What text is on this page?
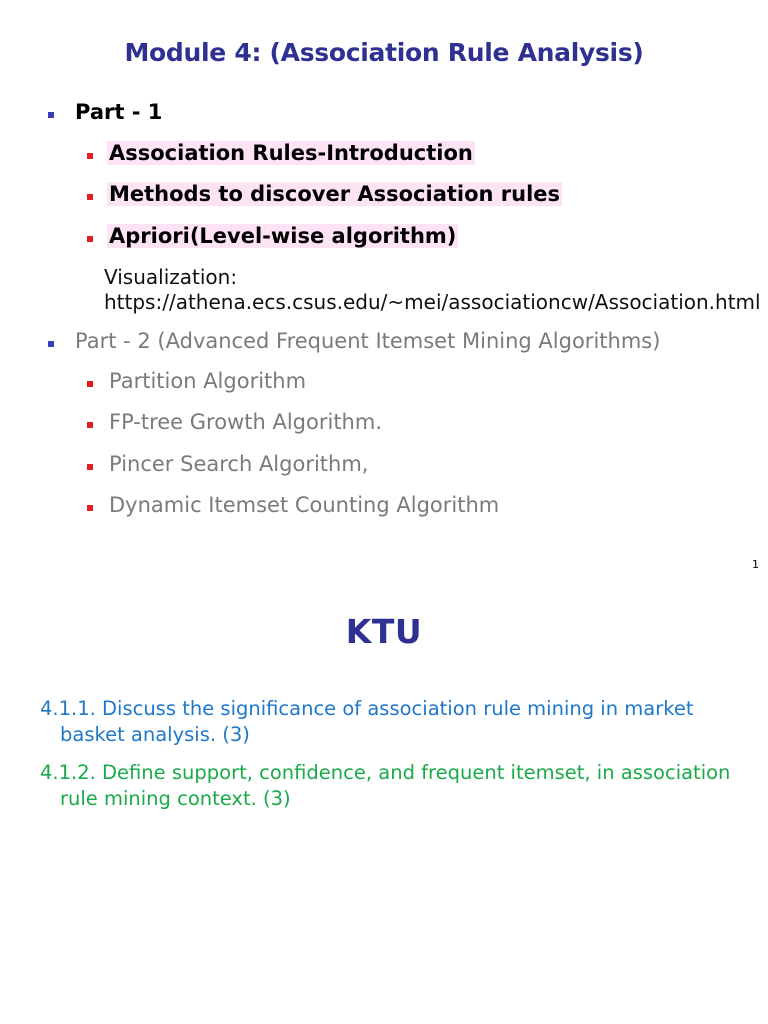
Module 4: (Association Rule Analysis)
Part - 1
Association Rules-Introduction
Methods to discover Association rules
Apriori(Level-wise algorithm)
Visualization:
https://athena.ecs.csus.edu/~mei/associationcw/Association.html
Part - 2 (Advanced Frequent Itemset Mining Algorithms)
Partition Algorithm
FP-tree Growth Algorithm.
Pincer Search Algorithm,
Dynamic Itemset Counting Algorithm
1
KTU
4.1.1. Discuss the significance of association rule mining in market
basket analysis. (3)
4.1.2. Define support, confidence, and frequent itemset, in association
rule mining context. (3)
